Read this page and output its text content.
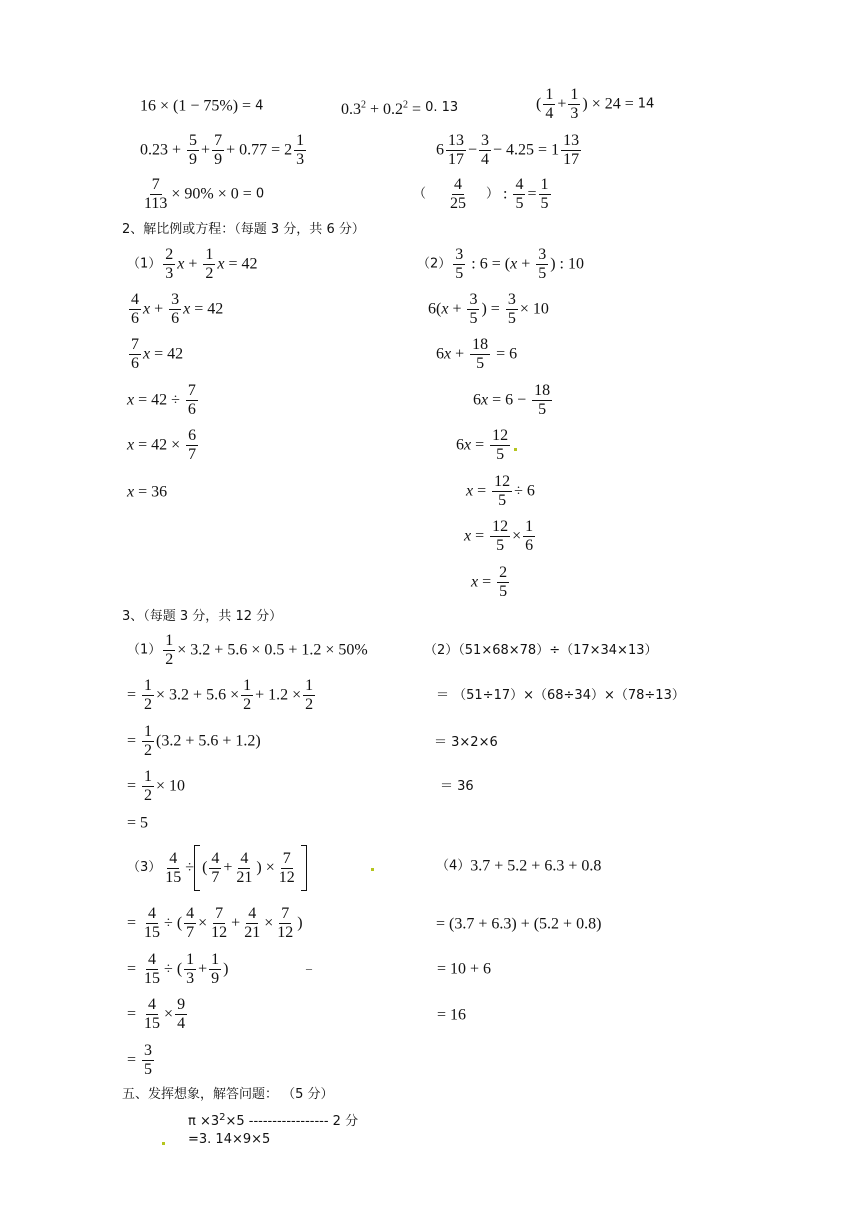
16 × (1 − 75%) = 4	$0.3^2 + 0.2^2 = 0$. 13	( $\frac{1}{4} + \frac{1}{3}$ ) × 24 = 14
$0.23 + \frac{5}{9} + \frac{7}{9} + 0.77 = 2 \frac{1}{3}$	$6 \frac{13}{17} - \frac{3}{4} - 4.25 = 1 \frac{13}{17}$
$\frac{7}{113} \times 90\% \times 0 = 0$	（ $\frac{4}{25}$ ） : $\frac{4}{5} = \frac{1}{5}$
2、解比例或方程：（每题 3 分，共 6 分）
$(1) \frac{2}{3}$ $x + \frac{1}{2}$ x = 42
$\frac{4}{6}$ $x + \frac{3}{6}$ x = 42
$\frac{7}{6}$ x = 42
$x = 42 \div \frac{7}{6}$
$x = 42 \times \frac{6}{7}$
x = 36
$(2) \frac{3}{5}$ : $6 = (x + \frac{3}{5}$ ) : 10
$6(x + \frac{3}{5}$ ) = $\frac{3}{5} \times 10$
$6x + \frac{18}{5} = 6$
$6x = 6 - \frac{18}{5}$
$6x = \frac{12}{5}$
$x = \frac{12}{5} \div 6$
$x = \frac{12}{5} \times \frac{1}{6}$
$x = \frac{2}{5}$
3、（每题 3 分，共 12 分）
$(1) \frac{1}{2} \times 3.2 + 5.6 \times 0.5 + 1.2 \times 50\%$
= $\frac{1}{2} \times 3.2 + 5.6 \times \frac{1}{2} + 1.2 \times \frac{1}{2}$
= $\frac{1}{2} (3.2 + 5.6 + 1.2)$
= $\frac{1}{2} \times 10$
= 5
（2）（51×68×78）÷（17×34×13）
＝ （51÷17）×（68÷34）×（78÷13）
＝ 3×2×6
＝ 36
$(3) \frac{4}{15}$ ÷ ( $\frac{4}{7} + \frac{4}{21}$ ) × $\frac{7}{12}$
= $\frac{4}{15}$ ÷ ( $\frac{4}{7} \times \frac{7}{12} + \frac{4}{21} \times \frac{7}{12}$ )
= $\frac{4}{15}$ ÷ ( $\frac{1}{3} + \frac{1}{9}$ )
= $\frac{4}{15} \times \frac{9}{4}$
= $\frac{3}{5}$
（4）3.7 + 5.2 + 6.3 + 0.8
= (3.7 + 6.3) + (5.2 + 0.8)
= 10 + 6
= 16
–
五、发挥想象，解答问题： （5 分）
$\pi \times 3^2\times 5$ ----------------- 2 分
=3. 14×9×5
